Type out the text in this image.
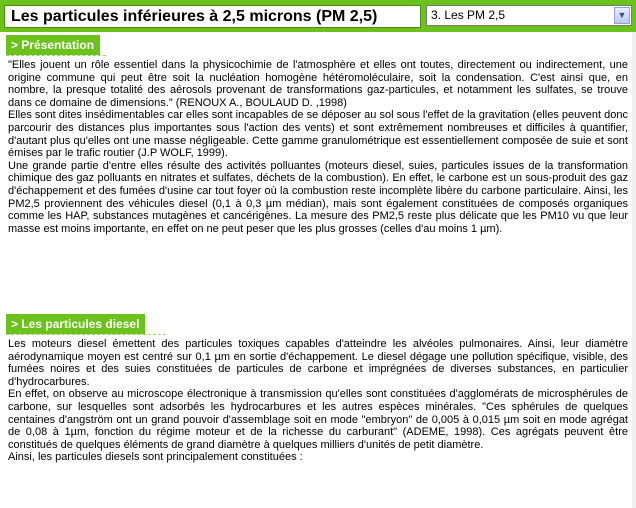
Les particules inférieures à 2,5 microns (PM 2,5)	3. Les PM 2,5	▼
> Présentation

"Elles jouent un rôle essentiel dans la physicochimie de l'atmosphère et elles ont toutes, directement ou indirectement, une origine commune qui peut être soit la nucléation homogène hétéromoléculaire, soit la condensation. C'est ainsi que, en nombre, la presque totalité des aérosols provenant de transformations gaz-particules, et notamment les sulfates, se trouve dans ce domaine de dimensions." (RENOUX A., BOULAUD D. ,1998)

Elles sont dites insédimentables car elles sont incapables de se déposer au sol sous l'effet de la gravitation (elles peuvent donc parcourir des distances plus importantes sous l'action des vents) et sont extrêmement nombreuses et difficiles à quantifier, d'autant plus qu'elles ont une masse négligeable. Cette gamme granulométrique est essentiellement composée de suie et sont émises par le trafic routier (J.P WOLF, 1999).

Une grande partie d'entre elles résulte des activités polluantes (moteurs diesel, suies, particules issues de la transformation chimique des gaz polluants en nitrates et sulfates, déchets de la combustion). En effet, le carbone est un sous-produit des gaz d'échappement et des fumées d'usine car tout foyer où la combustion reste incomplète libère du carbone particulaire. Ainsi, les PM2,5 proviennent des véhicules diesel (0,1 à 0,3 µm médian), mais sont également constituées de composés organiques comme les HAP, substances mutagènes et cancérigènes. La mesure des PM2,5 reste plus délicate que les PM10 vu que leur masse est moins importante, en effet on ne peut peser que les plus grosses (celles d'au moins 1 µm).

> Les particules diesel

Les moteurs diesel émettent des particules toxiques capables d'atteindre les alvéoles pulmonaires. Ainsi, leur diamètre aérodynamique moyen est centré sur 0,1 µm en sortie d'échappement. Le diesel dégage une pollution spécifique, visible, des fumées noires et des suies constituées de particules de carbone et imprégnées de diverses substances, en particulier d'hydrocarbures.

En effet, on observe au microscope électronique à transmission qu'elles sont constituées d'agglomérats de microsphérules de carbone, sur lesquelles sont adsorbés les hydrocarbures et les autres espèces minérales. "Ces sphérules de quelques centaines d'angström ont un grand pouvoir d'assemblage soit en mode "embryon" de 0,005 à 0,015 µm soit en mode agrégat de 0,08 à 1µm, fonction du régime moteur et de la richesse du carburant" (ADEME, 1998). Ces agrégats peuvent être constitués de quelques éléments de grand diamètre à quelques milliers d'unités de petit diamètre.

Ainsi, les particules diesels sont principalement constituées :
